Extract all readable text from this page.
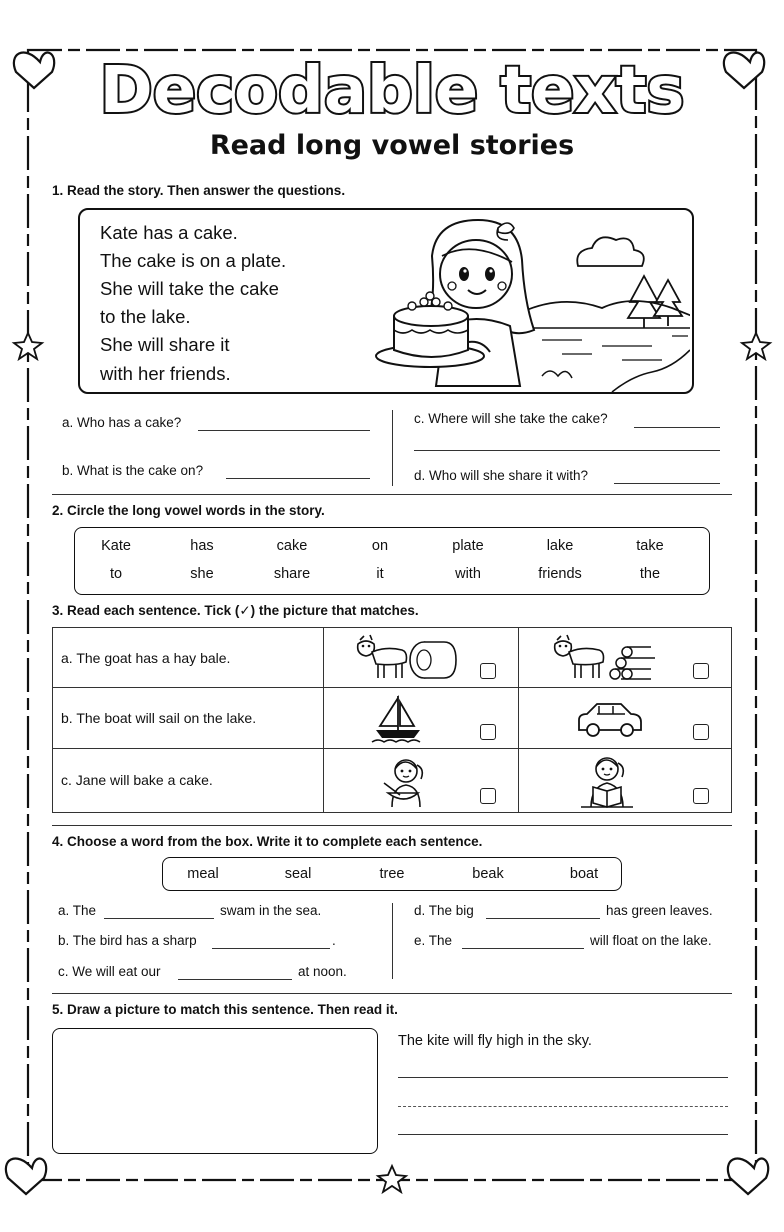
Decodable texts
Read long vowel stories
1. Read the story. Then answer the questions.
Kate has a cake.
The cake is on a plate.
She will take the cake
to the lake.
She will share it
with her friends.
a. Who has a cake?
b. What is the cake on?
c. Where will she take the cake?
d. Who will she share it with?
2. Circle the long vowel words in the story.
Kate	has	cake	on	plate	lake	take
to	she	share	it	with	friends	the
3. Read each sentence. Tick (✓) the picture that matches.
a. The goat has a hay bale.

b. The boat will sail on the lake.

c. Jane will bake a cake.

4. Choose a word from the box. Write it to complete each sentence.
meal	seal	tree	beak	boat
a. The	swam in the sea.
b. The bird has a sharp	.
c. We will eat our	at noon.
d. The big	has green leaves.
e. The	will float on the lake.
5. Draw a picture to match this sentence. Then read it.
The kite will fly high in the sky.
